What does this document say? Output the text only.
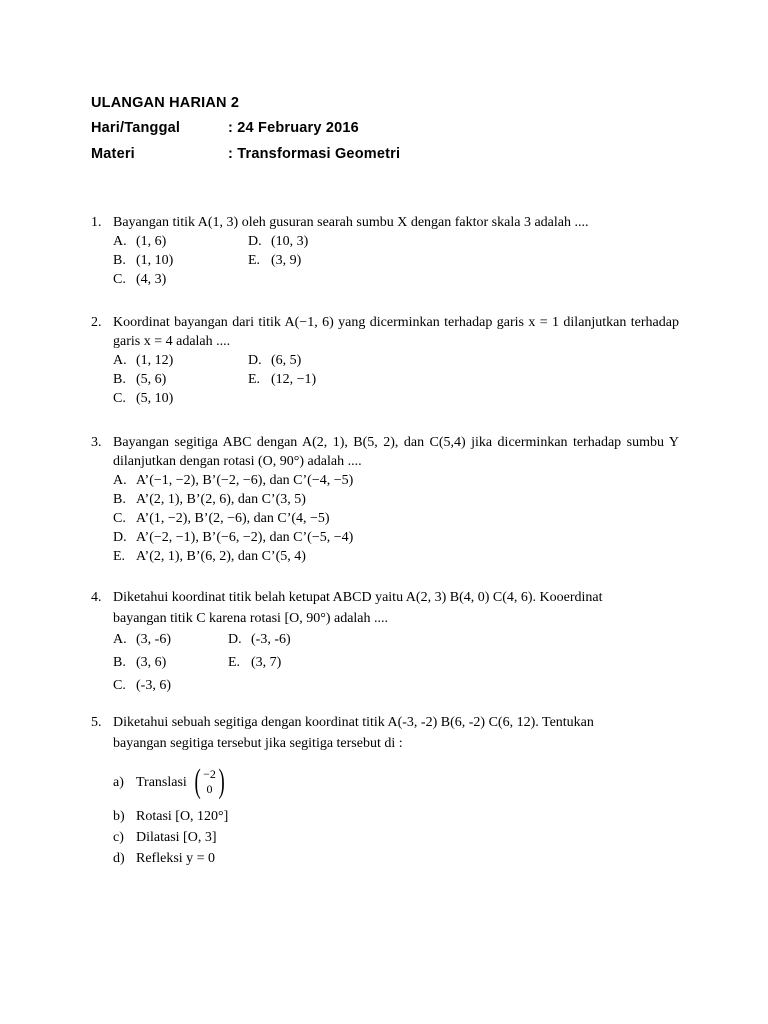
ULANGAN HARIAN 2
Hari/Tanggal	: 24 February 2016
Materi	: Transformasi Geometri
1. Bayangan titik A(1, 3) oleh gusuran searah sumbu X dengan faktor skala 3 adalah ....
A. (1, 6)	D. (10, 3)
B. (1, 10)	E. (3, 9)
C. (4, 3)
2. Koordinat bayangan dari titik A(−1, 6) yang dicerminkan terhadap garis x = 1 dilanjutkan terhadap garis x = 4 adalah ....
A. (1, 12)	D. (6, 5)
B. (5, 6)	E. (12, −1)
C. (5, 10)
3. Bayangan segitiga ABC dengan A(2, 1), B(5, 2), dan C(5,4) jika dicerminkan terhadap sumbu Y dilanjutkan dengan rotasi (O, 90°) adalah ....
A. A’(−1, −2), B’(−2, −6), dan C’(−4, −5)
B. A’(2, 1), B’(2, 6), dan C’(3, 5)
C. A’(1, −2), B’(2, −6), dan C’(4, −5)
D. A’(−2, −1), B’(−6, −2), dan C’(−5, −4)
E. A’(2, 1), B’(6, 2), dan C’(5, 4)
4. Diketahui koordinat titik belah ketupat ABCD yaitu A(2, 3) B(4, 0) C(4, 6). Kooerdinat
bayangan titik C karena rotasi [O, 90°) adalah ....
A. (3, -6)	D. (-3, -6)
B. (3, 6)	E. (3, 7)
C. (-3, 6)
5. Diketahui sebuah segitiga dengan koordinat titik A(-3, -2) B(6, -2) C(6, 12). Tentukan
bayangan segitiga tersebut jika segitiga tersebut di :
a) Translasi ( −2
0 )
b) Rotasi [O, 120°]
c) Dilatasi [O, 3]
d) Refleksi y = 0
